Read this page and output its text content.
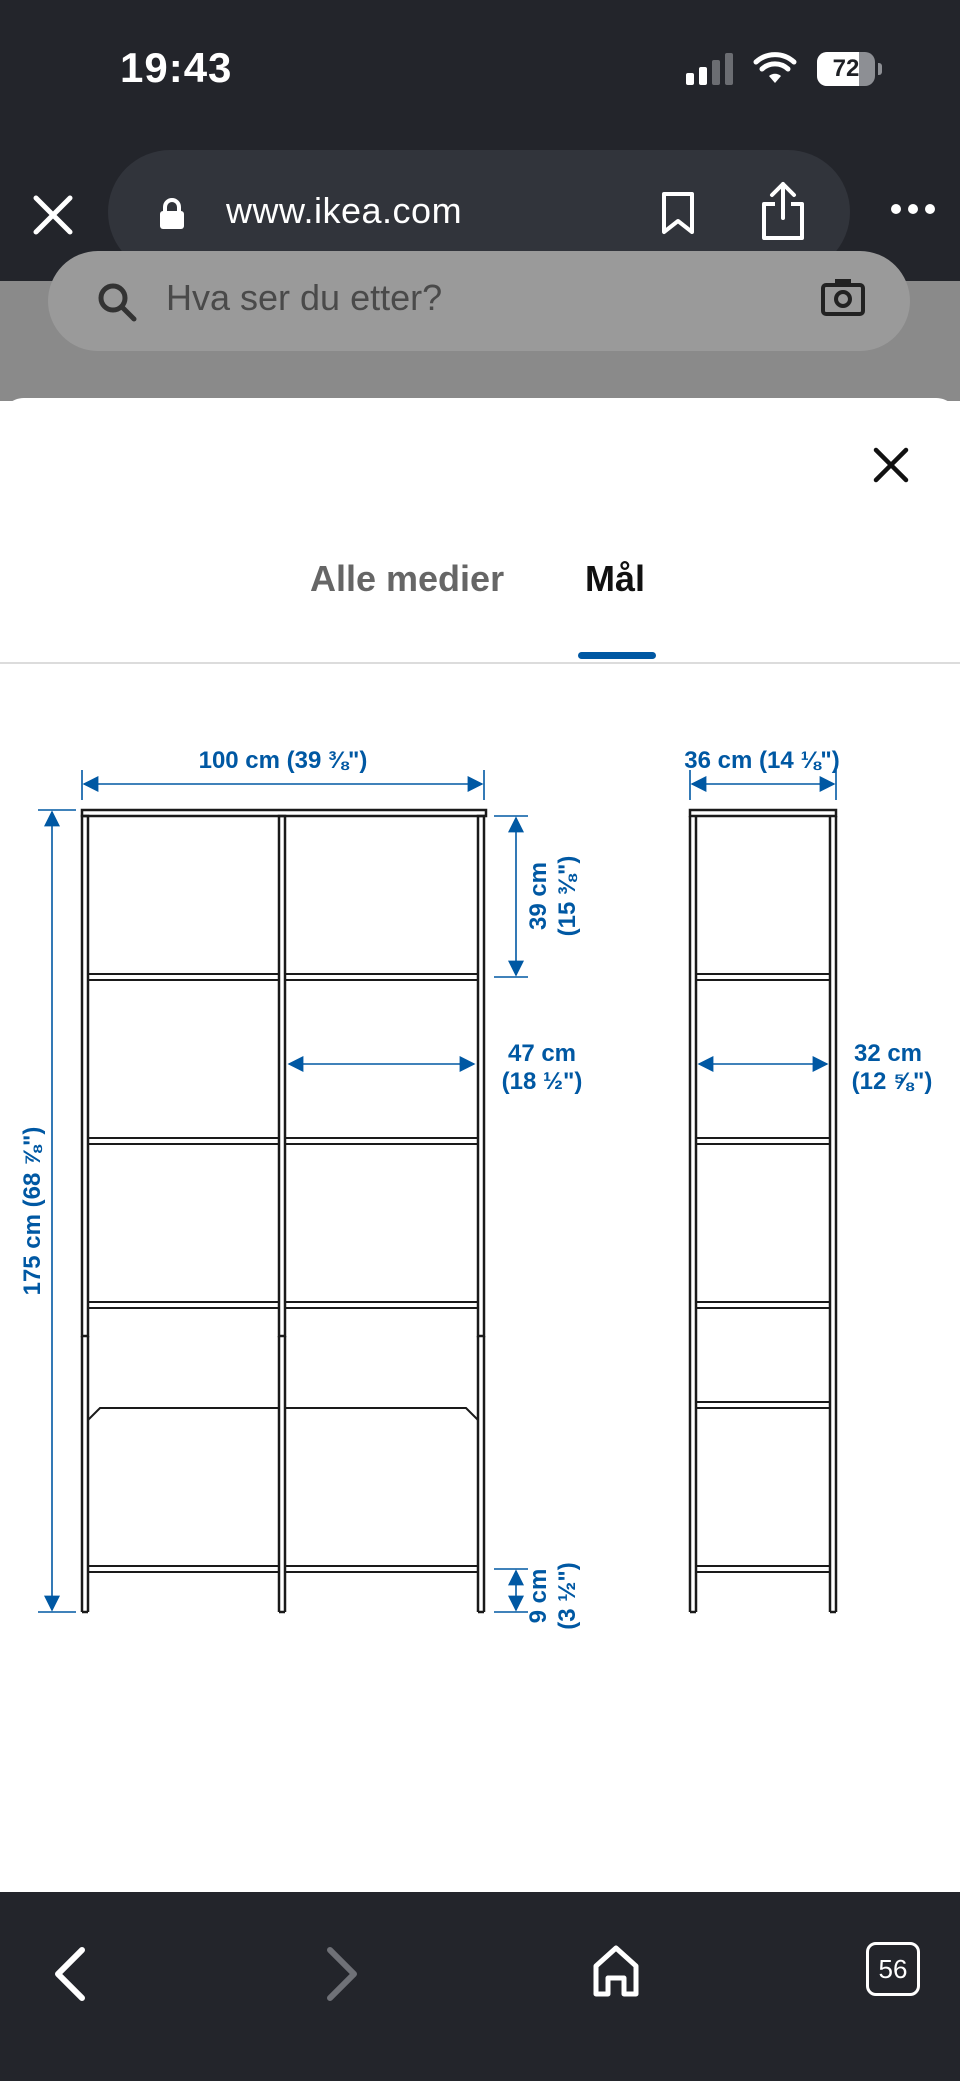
19:43	72
www.ikea.com
Hva ser du etter?
Alle medier Mål
100 cm (39 ⅜")
175 cm (68 ⅞")
39 cm (15 ⅜")
47 cm
(18 ½")
9 cm (3 ½")
36 cm (14 ⅛")
32 cm
(12 ⅝")
56
